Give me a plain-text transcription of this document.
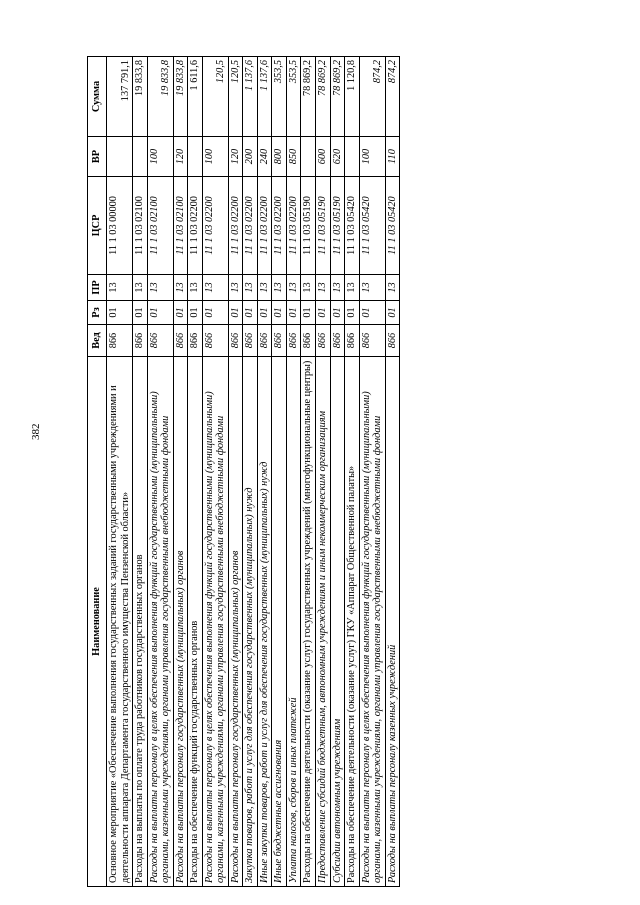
382
Наименование	Вед	Рз	ПР	ЦСР	ВР	Сумма
Основное мероприятие «Обеспечение выполнения государственных заданий государственными учреждениями и деятельности аппарата Департамента государственного имущества Пензенской области»	866	01	13	11 1 03 00000		137 791,1
Расходы на выплаты по оплате труда работников государственных органов	866	01	13	11 1 03 02100		19 833,8
Расходы на выплаты персоналу в целях обеспечения выполнения функций государственными (муниципальными) органами, казенными учреждениями, органами управления государственными внебюджетными фондами	866	01	13	11 1 03 02100	100	19 833,8
Расходы на выплаты персоналу государственных (муниципальных) органов	866	01	13	11 1 03 02100	120	19 833,8
Расходы на обеспечение функций государственных органов	866	01	13	11 1 03 02200		1 611,6
Расходы на выплаты персоналу в целях обеспечения выполнения функций государственными (муниципальными) органами, казенными учреждениями, органами управления государственными внебюджетными фондами	866	01	13	11 1 03 02200	100	120,5
Расходы на выплаты персоналу государственных (муниципальных) органов	866	01	13	11 1 03 02200	120	120,5
Закупка товаров, работ и услуг для обеспечения государственных (муниципальных) нужд	866	01	13	11 1 03 02200	200	1 137,6
Иные закупки товаров, работ и услуг для обеспечения государственных (муниципальных) нужд	866	01	13	11 1 03 02200	240	1 137,6
Иные бюджетные ассигнования	866	01	13	11 1 03 02200	800	353,5
Уплата налогов, сборов и иных платежей	866	01	13	11 1 03 02200	850	353,5
Расходы на обеспечение деятельности (оказание услуг) государственных учреждений (многофункциональные центры)	866	01	13	11 1 03 05190		78 869,2
Предоставление субсидий бюджетным, автономным учреждениям и иным некоммерческим организациям	866	01	13	11 1 03 05190	600	78 869,2
Субсидии автономным учреждениям	866	01	13	11 1 03 05190	620	78 869,2
Расходы на обеспечение деятельности (оказание услуг) ГКУ «Аппарат Общественной палаты»	866	01	13	11 1 03 05420		1 120,8
Расходы на выплаты персоналу в целях обеспечения выполнения функций государственными (муниципальными) органами, казенными учреждениями, органами управления государственными внебюджетными фондами	866	01	13	11 1 03 05420	100	874,2
Расходы на выплаты персоналу казенных учреждений	866	01	13	11 1 03 05420	110	874,2
